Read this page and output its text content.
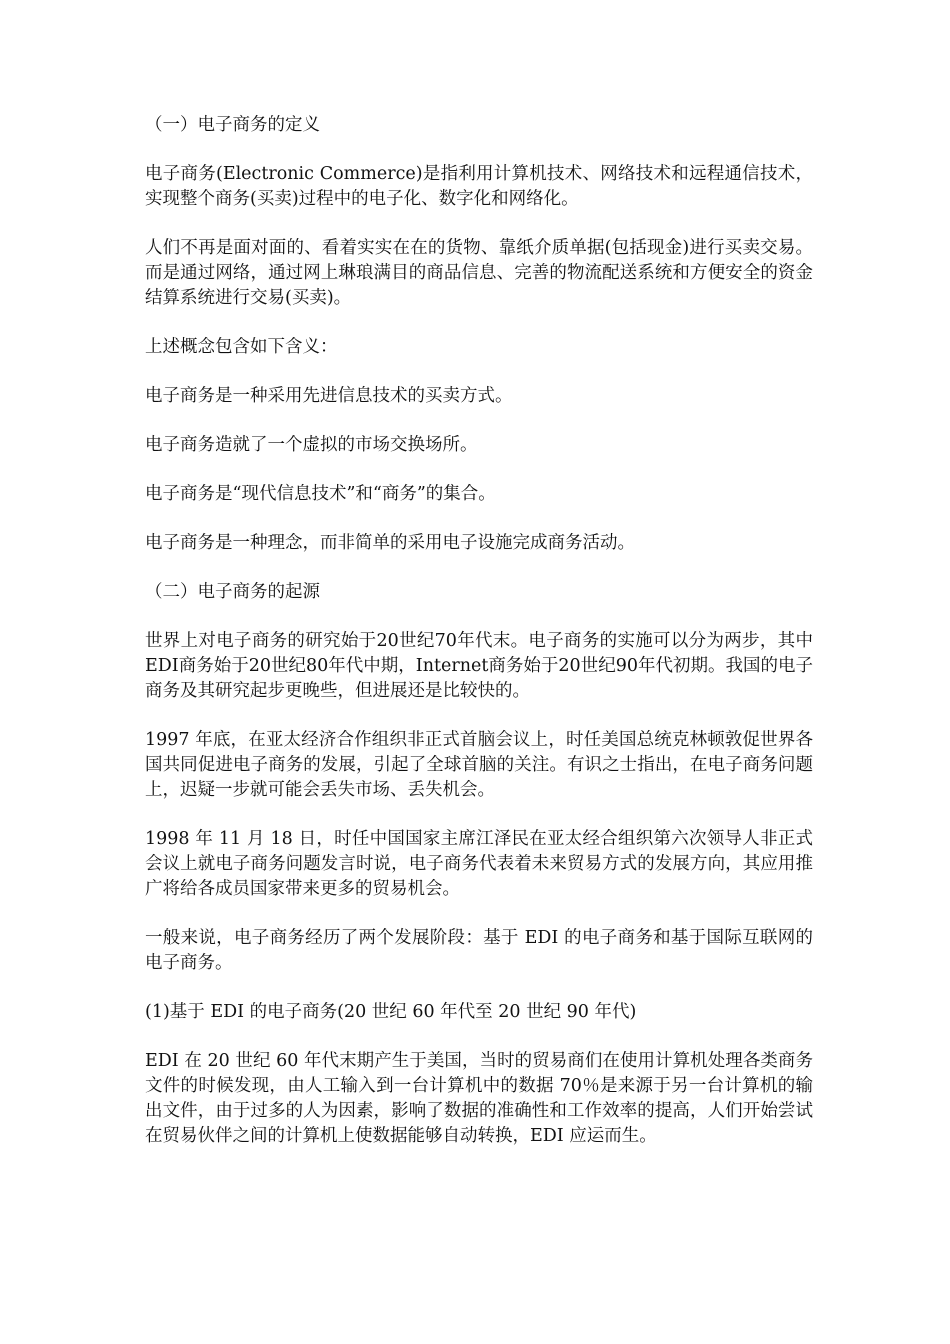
（一）电子商务的定义

电子商务(Electronic Commerce)是指利用计算机技术、网络技术和远程通信技术，实现整个商务(买卖)过程中的电子化、数字化和网络化。

人们不再是面对面的、看着实实在在的货物、靠纸介质单据(包括现金)进行买卖交易。而是通过网络，通过网上琳琅满目的商品信息、完善的物流配送系统和方便安全的资金结算系统进行交易(买卖)。

上述概念包含如下含义：

电子商务是一种采用先进信息技术的买卖方式。

电子商务造就了一个虚拟的市场交换场所。

电子商务是“现代信息技术”和“商务”的集合。

电子商务是一种理念，而非简单的采用电子设施完成商务活动。

（二）电子商务的起源

世界上对电子商务的研究始于20世纪70年代末。电子商务的实施可以分为两步，其中EDI商务始于20世纪80年代中期，Internet商务始于20世纪90年代初期。我国的电子商务及其研究起步更晚些，但进展还是比较快的。

1997 年底，在亚太经济合作组织非正式首脑会议上，时任美国总统克林顿敦促世界各国共同促进电子商务的发展，引起了全球首脑的关注。有识之士指出，在电子商务问题上，迟疑一步就可能会丢失市场、丢失机会。

1998 年 11 月 18 日，时任中国国家主席江泽民在亚太经合组织第六次领导人非正式会议上就电子商务问题发言时说，电子商务代表着未来贸易方式的发展方向，其应用推广将给各成员国家带来更多的贸易机会。

一般来说，电子商务经历了两个发展阶段：基于 EDI 的电子商务和基于国际互联网的电子商务。

(1)基于 EDI 的电子商务(20 世纪 60 年代至 20 世纪 90 年代)

EDI 在 20 世纪 60 年代末期产生于美国，当时的贸易商们在使用计算机处理各类商务文件的时候发现，由人工输入到一台计算机中的数据 70％是来源于另一台计算机的输出文件，由于过多的人为因素，影响了数据的准确性和工作效率的提高，人们开始尝试在贸易伙伴之间的计算机上使数据能够自动转换，EDI 应运而生。
